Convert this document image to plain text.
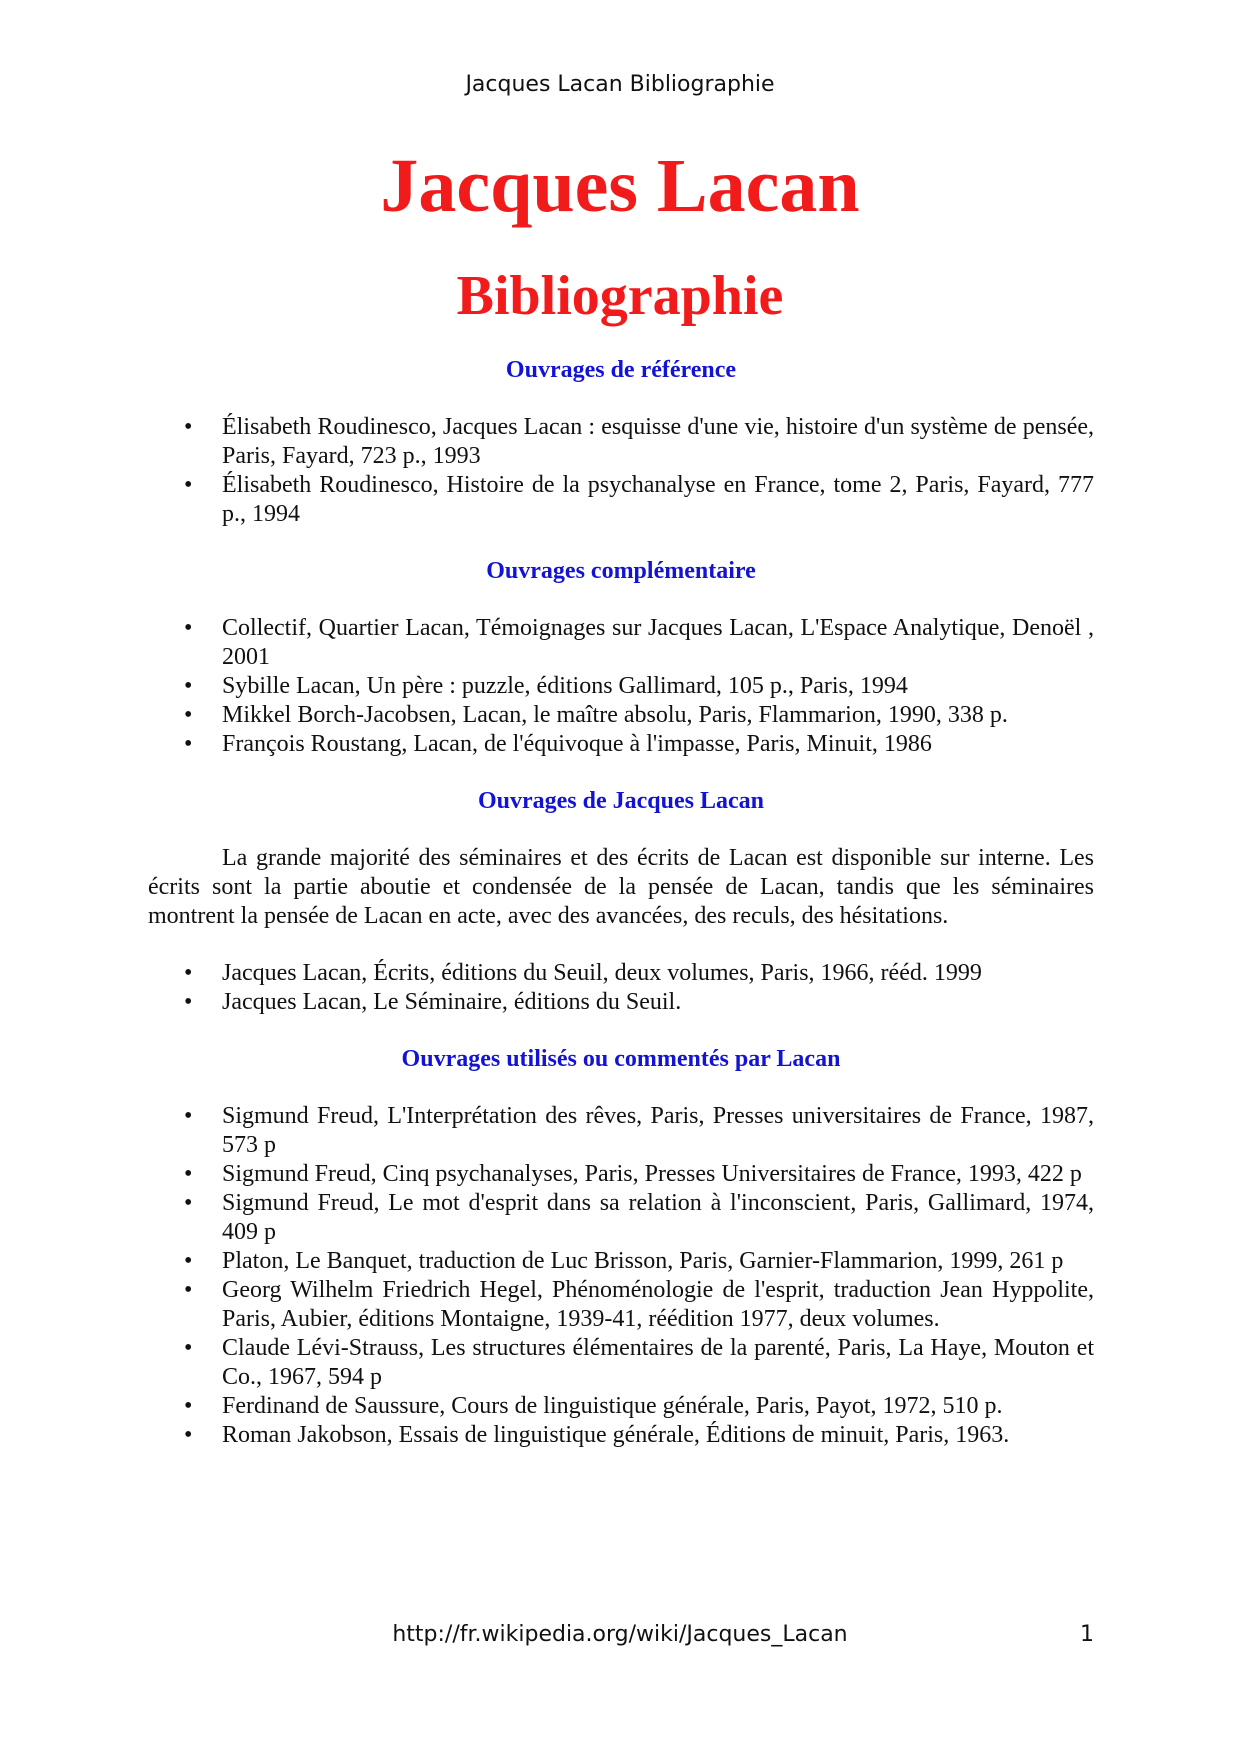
Jacques Lacan Bibliographie
Jacques Lacan
Bibliographie
Ouvrages de référence
•	Élisabeth Roudinesco, Jacques Lacan : esquisse d'une vie, histoire d'un système de pensée, Paris, Fayard, 723 p., 1993
•	Élisabeth Roudinesco, Histoire de la psychanalyse en France, tome 2, Paris, Fayard, 777 p., 1994
Ouvrages complémentaire
•	Collectif, Quartier Lacan, Témoignages sur Jacques Lacan, L'Espace Analytique, Denoël , 2001
•	Sybille Lacan, Un père : puzzle, éditions Gallimard, 105 p., Paris, 1994
•	Mikkel Borch-Jacobsen, Lacan, le maître absolu, Paris, Flammarion, 1990, 338 p.
•	François Roustang, Lacan, de l'équivoque à l'impasse, Paris, Minuit, 1986
Ouvrages de Jacques Lacan

La grande majorité des séminaires et des écrits de Lacan est disponible sur interne. Les écrits sont la partie aboutie et condensée de la pensée de Lacan, tandis que les séminaires montrent la pensée de Lacan en acte, avec des avancées, des reculs, des hésitations.

•	Jacques Lacan, Écrits, éditions du Seuil, deux volumes, Paris, 1966, rééd. 1999
•	Jacques Lacan, Le Séminaire, éditions du Seuil.
Ouvrages utilisés ou commentés par Lacan
•	Sigmund Freud, L'Interprétation des rêves, Paris, Presses universitaires de France, 1987, 573 p
•	Sigmund Freud, Cinq psychanalyses, Paris, Presses Universitaires de France, 1993, 422 p
•	Sigmund Freud, Le mot d'esprit dans sa relation à l'inconscient, Paris, Gallimard, 1974, 409 p
•	Platon, Le Banquet, traduction de Luc Brisson, Paris, Garnier-Flammarion, 1999, 261 p
•	Georg Wilhelm Friedrich Hegel, Phénoménologie de l'esprit, traduction Jean Hyppolite, Paris, Aubier, éditions Montaigne, 1939-41, réédition 1977, deux volumes.
•	Claude Lévi-Strauss, Les structures élémentaires de la parenté, Paris, La Haye, Mouton et Co., 1967, 594 p
•	Ferdinand de Saussure, Cours de linguistique générale, Paris, Payot, 1972, 510 p.
•	Roman Jakobson, Essais de linguistique générale, Éditions de minuit, Paris, 1963.
http://fr.wikipedia.org/wiki/Jacques_Lacan	1
